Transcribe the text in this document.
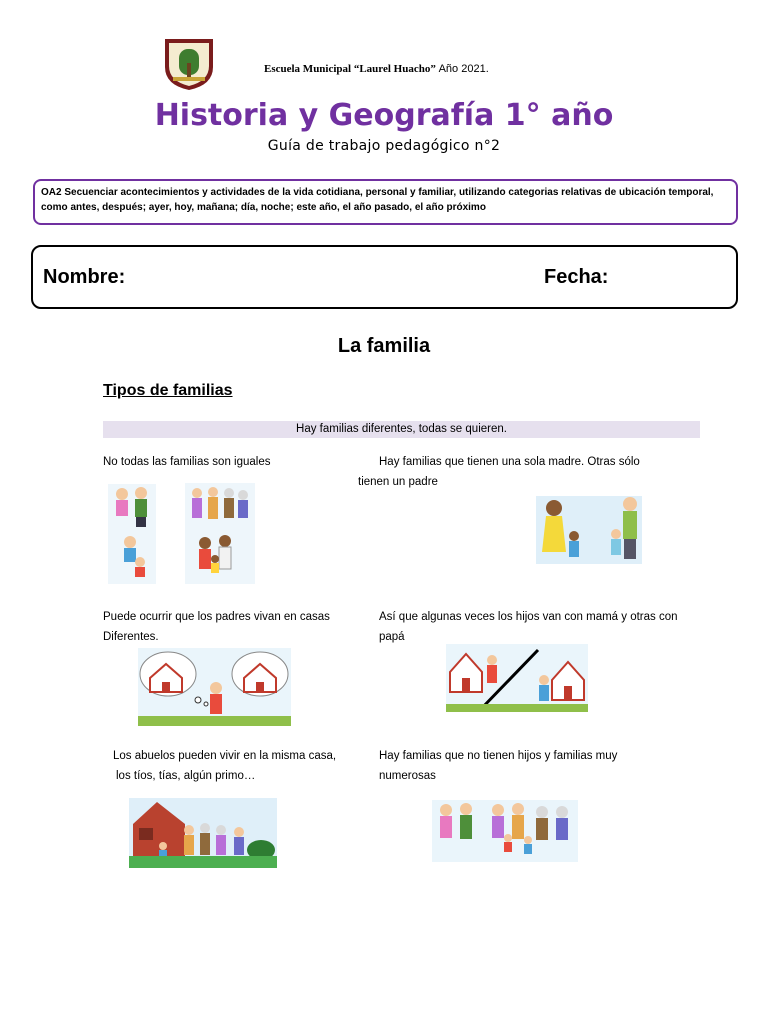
Escuela Municipal “Laurel Huacho” Año 2021.
Historia y Geografía 1° año
Guía de trabajo pedagógico n°2
OA2 Secuenciar acontecimientos y actividades de la vida cotidiana, personal y familiar, utilizando categorias relativas de ubicación temporal, como antes, después; ayer, hoy, mañana; día, noche; este año, el año pasado, el año próximo
Nombre:	Fecha:
La familia
Tipos de familias
Hay familias diferentes, todas se quieren.
No todas las familias son iguales	Hay familias que tienen una sola madre. Otras sólo
tienen un padre
Puede ocurrir que los padres vivan en casas
Diferentes.
Así que algunas veces los hijos van con mamá y otras con
papá
Los abuelos pueden vivir en la misma casa,
los tíos, tías, algún primo…
Hay familias que no tienen hijos y familias muy
numerosas
